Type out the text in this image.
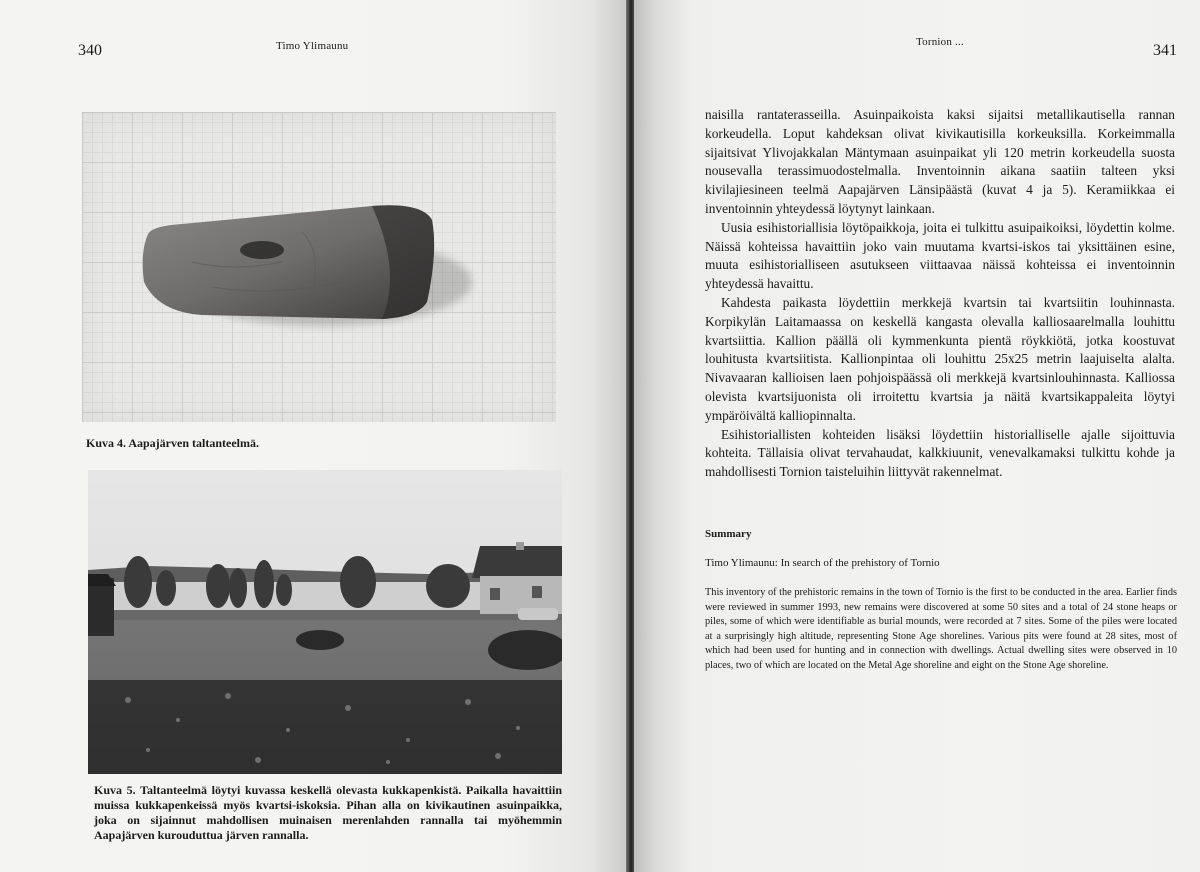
340	Timo Ylimaunu
Kuva 4. Aapajärven taltanteelmä.
Kuva 5. Taltanteelmä löytyi kuvassa keskellä olevasta kukkapenkistä. Paikalla havaittiin muissa kukkapenkeissä myös kvartsi-iskoksia. Pihan alla on kivikautinen asuinpaikka, joka on sijainnut mahdollisen muinaisen merenlahden rannalla tai myöhemmin Aapajärven kurouduttua järven rannalla.
Tornion ...	341

naisilla rantaterasseilla. Asuinpaikoista kaksi sijaitsi metallikautisella rannan korkeudella. Loput kahdeksan olivat kivikautisilla korkeuksilla. Korkeimmalla sijaitsivat Ylivojakkalan Mäntymaan asuinpaikat yli 120 metrin korkeudella suosta nousevalla terassimuodostelmalla. Inventoinnin aikana saatiin talteen yksi kivilajiesineen teelmä Aapajärven Länsipäästä (kuvat 4 ja 5). Keramiikkaa ei inventoinnin yhteydessä löytynyt lainkaan.

Uusia esihistoriallisia löytöpaikkoja, joita ei tulkittu asuipaikoiksi, löydettin kolme. Näissä kohteissa havaittiin joko vain muutama kvartsi-iskos tai yksittäinen esine, muuta esihistorialliseen asutukseen viittaavaa näissä kohteissa ei inventoinnin yhteydessä havaittu.

Kahdesta paikasta löydettiin merkkejä kvartsin tai kvartsiitin louhinnasta. Korpikylän Laitamaassa on keskellä kangasta olevalla kalliosaarelmalla louhittu kvartsiittia. Kallion päällä oli kymmenkunta pientä röykkiötä, jotka koostuvat louhitusta kvartsiitista. Kallionpintaa oli louhittu 25x25 metrin laajuiselta alalta. Nivavaaran kallioisen laen pohjoispäässä oli merkkejä kvartsinlouhinnasta. Kalliossa olevista kvartsijuonista oli irroitettu kvartsia ja näitä kvartsikappaleita löytyi ympäröivältä kalliopinnalta.

Esihistoriallisten kohteiden lisäksi löydettiin historialliselle ajalle sijoittuvia kohteita. Tällaisia olivat tervahaudat, kalkkiuunit, venevalkamaksi tulkittu kohde ja mahdollisesti Tornion taisteluihin liittyvät rakennelmat.

Summary
Timo Ylimaunu: In search of the prehistory of Tornio
This inventory of the prehistoric remains in the town of Tornio is the first to be conducted in the area. Earlier finds were reviewed in summer 1993, new remains were discovered at some 50 sites and a total of 24 stone heaps or piles, some of which were identifiable as burial mounds, were recorded at 7 sites. Some of the piles were located at a surprisingly high altitude, representing Stone Age shorelines. Various pits were found at 28 sites, most of which had been used for hunting and in connection with dwellings. Actual dwelling sites were observed in 10 places, two of which are located on the Metal Age shoreline and eight on the Stone Age shoreline.
